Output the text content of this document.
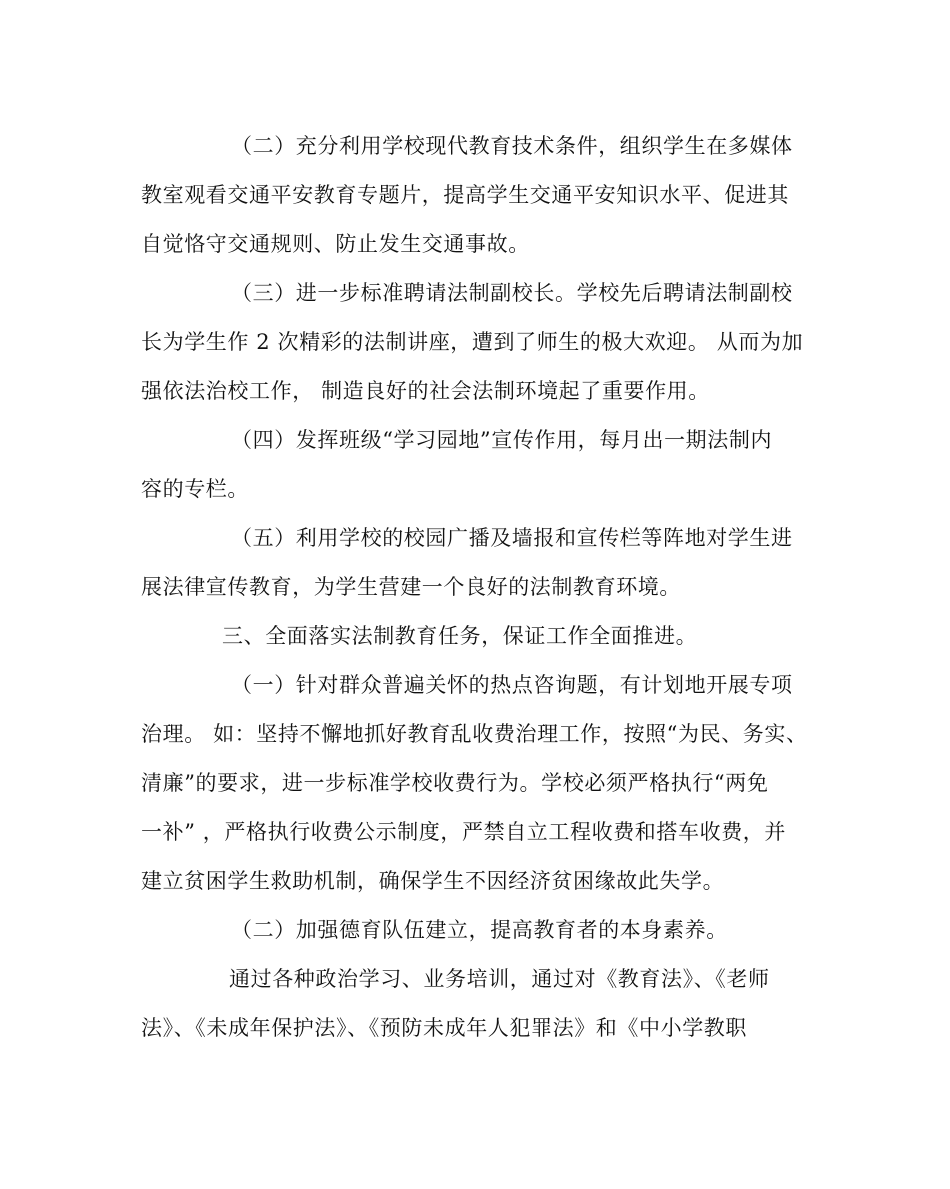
（二）充分利用学校现代教育技术条件，组织学生在多媒体
教室观看交通平安教育专题片，提高学生交通平安知识水平、促进其
自觉恪守交通规则、防止发生交通事故。
（三）进一步标准聘请法制副校长。学校先后聘请法制副校
长为学生作 2 次精彩的法制讲座，遭到了师生的极大欢迎。 从而为加
强依法治校工作， 制造良好的社会法制环境起了重要作用。
（四）发挥班级“学习园地”宣传作用，每月出一期法制内
容的专栏。
（五）利用学校的校园广播及墙报和宣传栏等阵地对学生进
展法律宣传教育，为学生营建一个良好的法制教育环境。
三、全面落实法制教育任务，保证工作全面推进。
（一）针对群众普遍关怀的热点咨询题，有计划地开展专项
治理。 如：坚持不懈地抓好教育乱收费治理工作，按照“为民、务实、
清廉”的要求，进一步标准学校收费行为。学校必须严格执行“两免
一补” ，严格执行收费公示制度，严禁自立工程收费和搭车收费，并
建立贫困学生救助机制，确保学生不因经济贫困缘故此失学。
（二）加强德育队伍建立，提高教育者的本身素养。
通过各种政治学习、业务培训，通过对《教育法》、《老师
法》、《未成年保护法》、《预防未成年人犯罪法》和《中小学教职
